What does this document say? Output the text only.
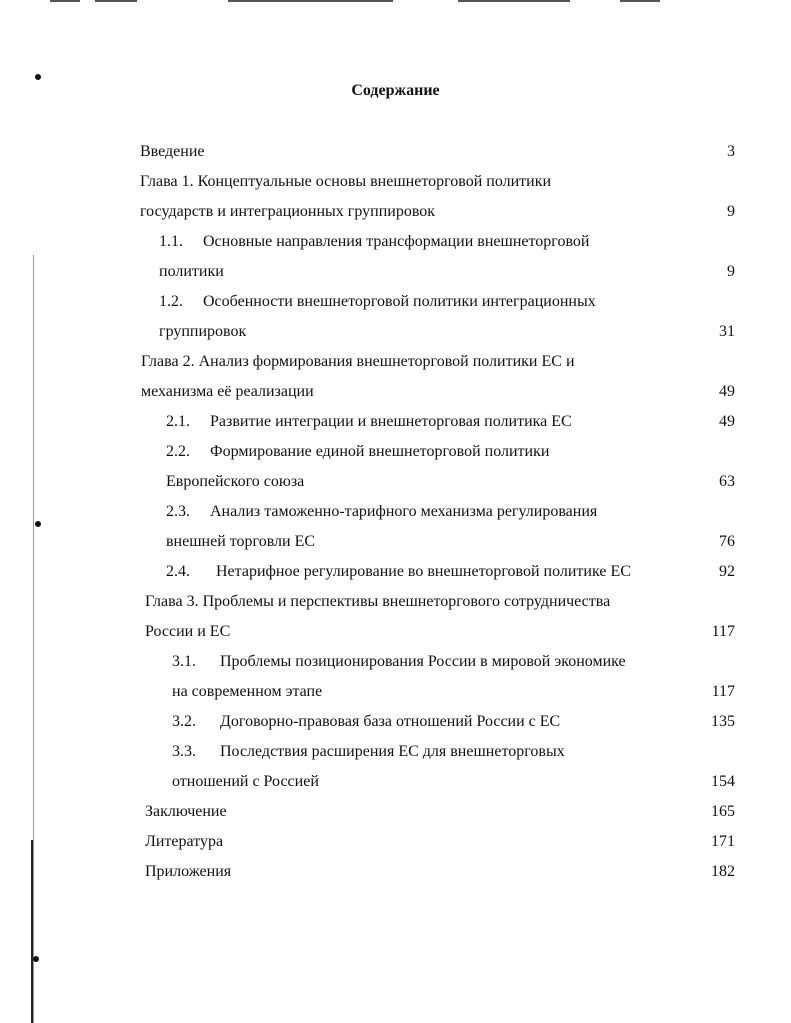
Содержание
Введение	3
Глава 1. Концептуальные основы внешнеторговой политики
государств и интеграционных группировок	9
1.1. Основные направления трансформации внешнеторговой
политики	9
1.2. Особенности внешнеторговой политики интеграционных
группировок	31
Глава 2. Анализ формирования внешнеторговой политики ЕС и
механизма её реализации	49
2.1. Развитие интеграции и внешнеторговая политика ЕС	49
2.2. Формирование единой внешнеторговой политики
Европейского союза	63
2.3. Анализ таможенно-тарифного механизма регулирования
внешней торговли ЕС	76
2.4. Нетарифное регулирование во внешнеторговой политике ЕС	92
Глава 3. Проблемы и перспективы внешнеторгового сотрудничества
России и ЕС	117
3.1. Проблемы позиционирования России в мировой экономике
на современном этапе	117
3.2. Договорно-правовая база отношений России с ЕС	135
3.3. Последствия расширения ЕС для внешнеторговых
отношений с Россией	154
Заключение	165
Литература	171
Приложения	182
